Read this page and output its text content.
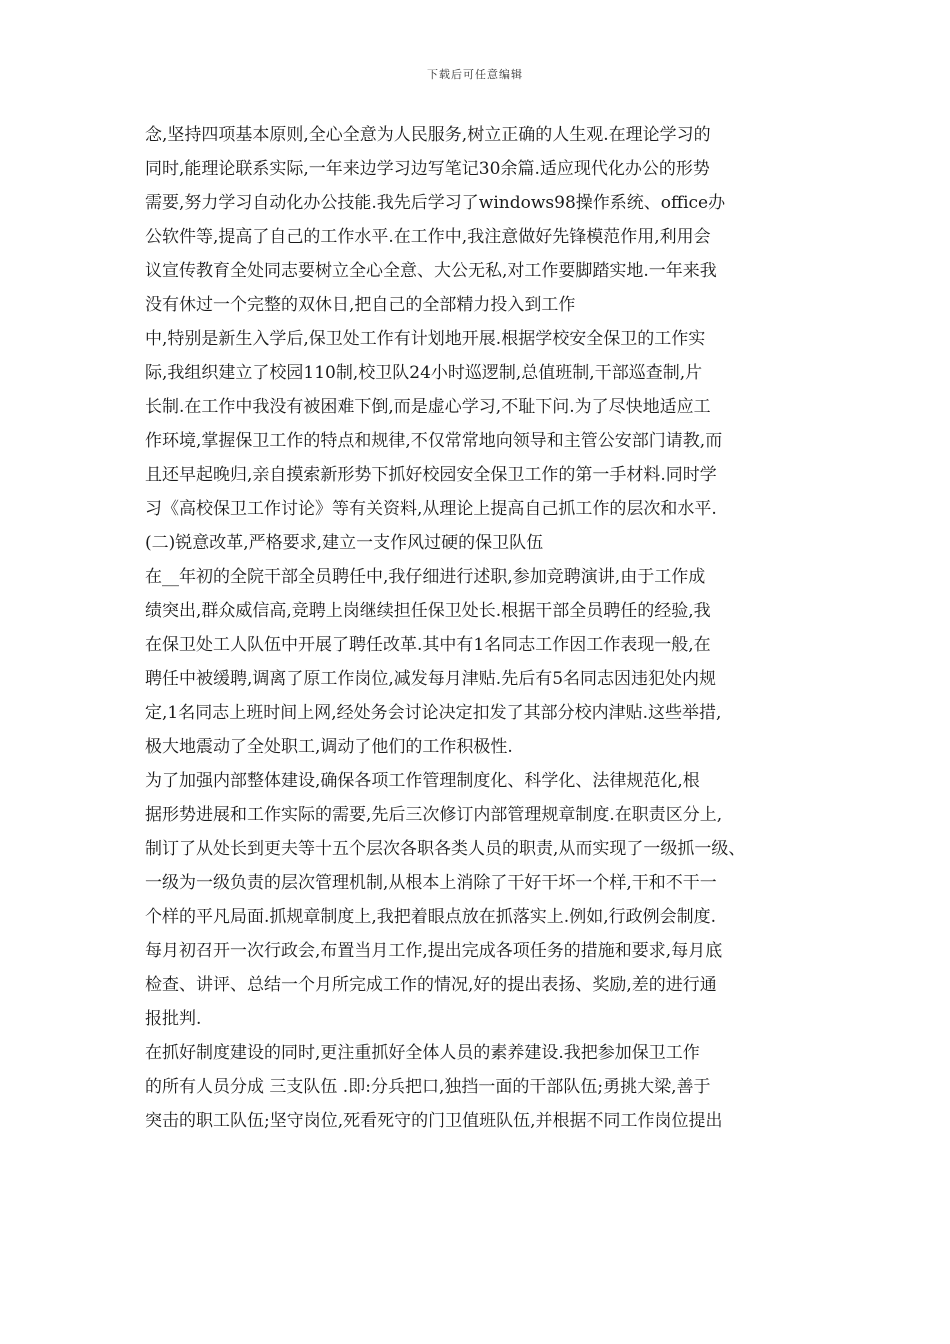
下载后可任意编辑
念,坚持四项基本原则,全心全意为人民服务,树立正确的人生观.在理论学习的
同时,能理论联系实际,一年来边学习边写笔记30余篇.适应现代化办公的形势
需要,努力学习自动化办公技能.我先后学习了windows98操作系统、office办
公软件等,提高了自己的工作水平.在工作中,我注意做好先锋模范作用,利用会
议宣传教育全处同志要树立全心全意、大公无私,对工作要脚踏实地.一年来我
没有休过一个完整的双休日,把自己的全部精力投入到工作
中,特别是新生入学后,保卫处工作有计划地开展.根据学校安全保卫的工作实
际,我组织建立了校园110制,校卫队24小时巡逻制,总值班制,干部巡查制,片
长制.在工作中我没有被困难下倒,而是虚心学习,不耻下问.为了尽快地适应工
作环境,掌握保卫工作的特点和规律,不仅常常地向领导和主管公安部门请教,而
且还早起晚归,亲自摸索新形势下抓好校园安全保卫工作的第一手材料.同时学
习《高校保卫工作讨论》等有关资料,从理论上提高自己抓工作的层次和水平.
(二)锐意改革,严格要求,建立一支作风过硬的保卫队伍
在__年初的全院干部全员聘任中,我仔细进行述职,参加竞聘演讲,由于工作成
绩突出,群众威信高,竞聘上岗继续担任保卫处长.根据干部全员聘任的经验,我
在保卫处工人队伍中开展了聘任改革.其中有1名同志工作因工作表现一般,在
聘任中被缓聘,调离了原工作岗位,减发每月津贴.先后有5名同志因违犯处内规
定,1名同志上班时间上网,经处务会讨论决定扣发了其部分校内津贴.这些举措,
极大地震动了全处职工,调动了他们的工作积极性.
为了加强内部整体建设,确保各项工作管理制度化、科学化、法律规范化,根
据形势进展和工作实际的需要,先后三次修订内部管理规章制度.在职责区分上,
制订了从处长到更夫等十五个层次各职各类人员的职责,从而实现了一级抓一级、
一级为一级负责的层次管理机制,从根本上消除了干好干坏一个样,干和不干一
个样的平凡局面.抓规章制度上,我把着眼点放在抓落实上.例如,行政例会制度.
每月初召开一次行政会,布置当月工作,提出完成各项任务的措施和要求,每月底
检查、讲评、总结一个月所完成工作的情况,好的提出表扬、奖励,差的进行通
报批判.
在抓好制度建设的同时,更注重抓好全体人员的素养建设.我把参加保卫工作
的所有人员分成 三支队伍 .即:分兵把口,独挡一面的干部队伍;勇挑大梁,善于
突击的职工队伍;坚守岗位,死看死守的门卫值班队伍,并根据不同工作岗位提出
